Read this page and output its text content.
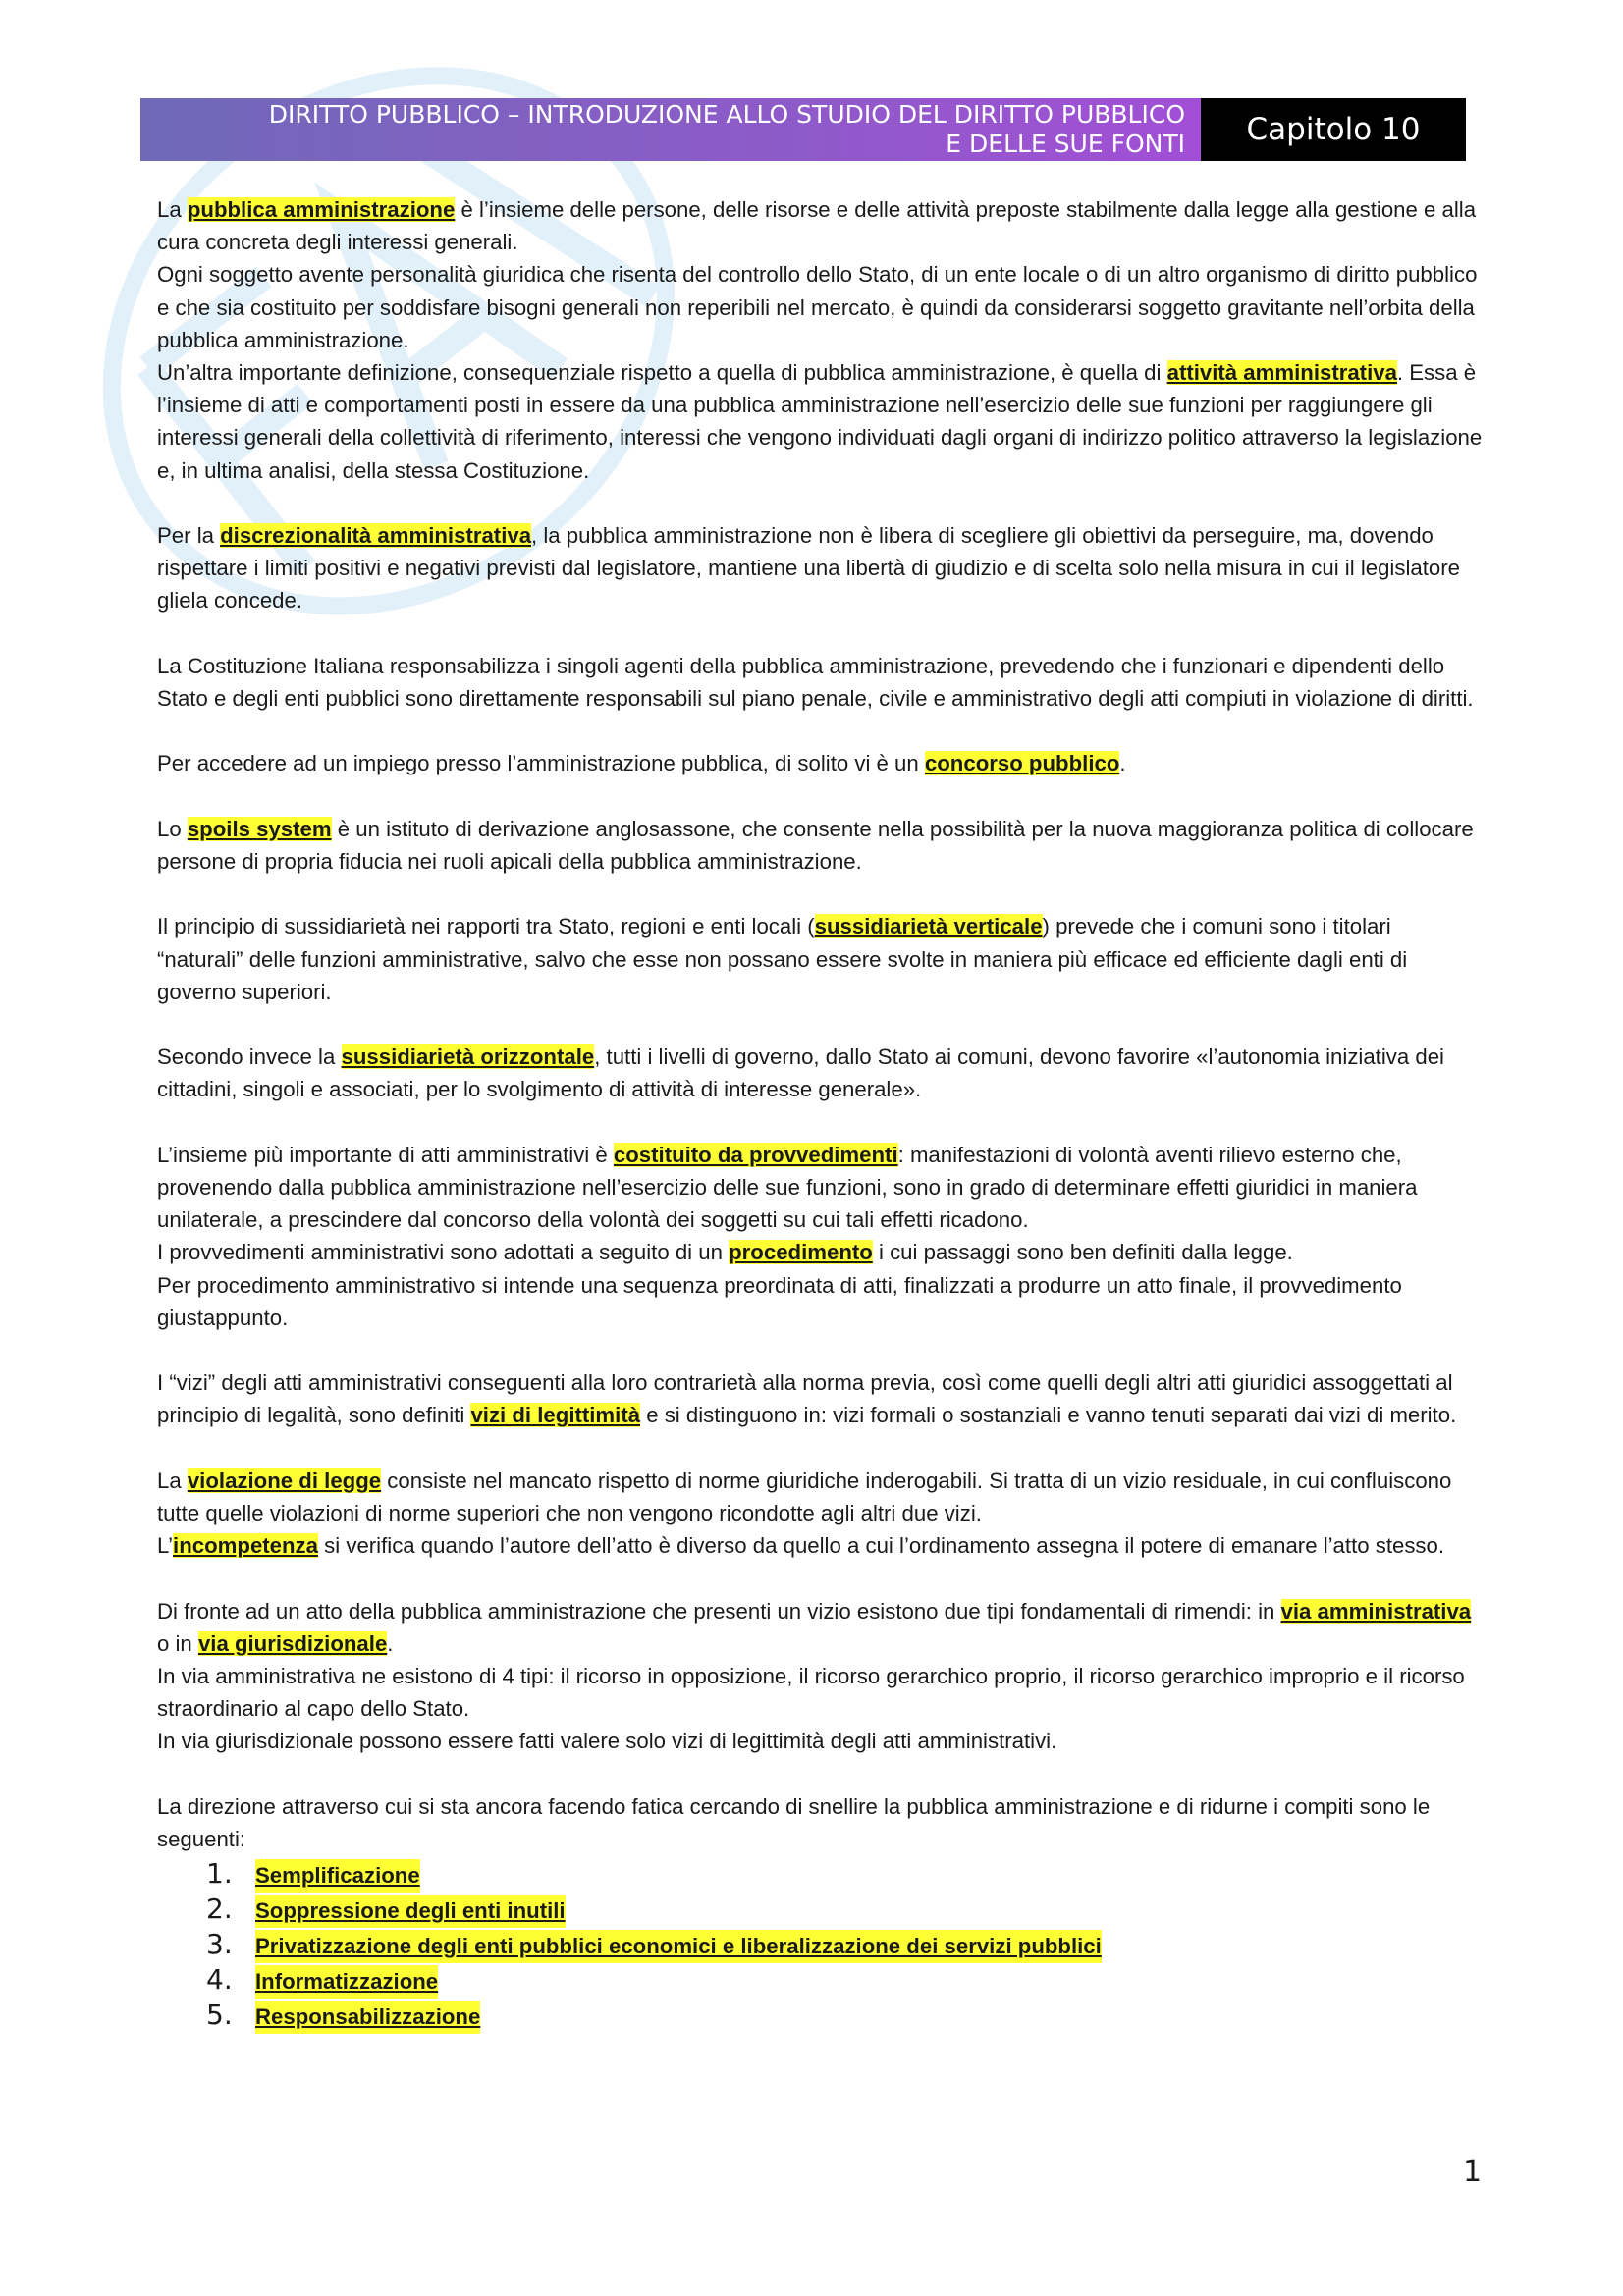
DIRITTO PUBBLICO – INTRODUZIONE ALLO STUDIO DEL DIRITTO PUBBLICO
E DELLE SUE FONTI	Capitolo 10

La pubblica amministrazione è l’insieme delle persone, delle risorse e delle attività preposte stabilmente dalla legge alla gestione e alla cura concreta degli interessi generali.
Ogni soggetto avente personalità giuridica che risenta del controllo dello Stato, di un ente locale o di un altro organismo di diritto pubblico e che sia costituito per soddisfare bisogni generali non reperibili nel mercato, è quindi da considerarsi soggetto gravitante nell’orbita della pubblica amministrazione.
Un’altra importante definizione, consequenziale rispetto a quella di pubblica amministrazione, è quella di attività amministrativa. Essa è l’insieme di atti e comportamenti posti in essere da una pubblica amministrazione nell’esercizio delle sue funzioni per raggiungere gli interessi generali della collettività di riferimento, interessi che vengono individuati dagli organi di indirizzo politico attraverso la legislazione e, in ultima analisi, della stessa Costituzione.

Per la discrezionalità amministrativa, la pubblica amministrazione non è libera di scegliere gli obiettivi da perseguire, ma, dovendo rispettare i limiti positivi e negativi previsti dal legislatore, mantiene una libertà di giudizio e di scelta solo nella misura in cui il legislatore gliela concede.

La Costituzione Italiana responsabilizza i singoli agenti della pubblica amministrazione, prevedendo che i funzionari e dipendenti dello Stato e degli enti pubblici sono direttamente responsabili sul piano penale, civile e amministrativo degli atti compiuti in violazione di diritti.

Per accedere ad un impiego presso l’amministrazione pubblica, di solito vi è un concorso pubblico.

Lo spoils system è un istituto di derivazione anglosassone, che consente nella possibilità per la nuova maggioranza politica di collocare persone di propria fiducia nei ruoli apicali della pubblica amministrazione.

Il principio di sussidiarietà nei rapporti tra Stato, regioni e enti locali (sussidiarietà verticale) prevede che i comuni sono i titolari “naturali” delle funzioni amministrative, salvo che esse non possano essere svolte in maniera più efficace ed efficiente dagli enti di governo superiori.

Secondo invece la sussidiarietà orizzontale, tutti i livelli di governo, dallo Stato ai comuni, devono favorire «l’autonomia iniziativa dei cittadini, singoli e associati, per lo svolgimento di attività di interesse generale».

L’insieme più importante di atti amministrativi è costituito da provvedimenti: manifestazioni di volontà aventi rilievo esterno che, provenendo dalla pubblica amministrazione nell’esercizio delle sue funzioni, sono in grado di determinare effetti giuridici in maniera unilaterale, a prescindere dal concorso della volontà dei soggetti su cui tali effetti ricadono.
I provvedimenti amministrativi sono adottati a seguito di un procedimento i cui passaggi sono ben definiti dalla legge.
Per procedimento amministrativo si intende una sequenza preordinata di atti, finalizzati a produrre un atto finale, il provvedimento giustappunto.

I “vizi” degli atti amministrativi conseguenti alla loro contrarietà alla norma previa, così come quelli degli altri atti giuridici assoggettati al principio di legalità, sono definiti vizi di legittimità e si distinguono in: vizi formali o sostanziali e vanno tenuti separati dai vizi di merito.

La violazione di legge consiste nel mancato rispetto di norme giuridiche inderogabili. Si tratta di un vizio residuale, in cui confluiscono tutte quelle violazioni di norme superiori che non vengono ricondotte agli altri due vizi.
L’incompetenza si verifica quando l’autore dell’atto è diverso da quello a cui l’ordinamento assegna il potere di emanare l’atto stesso.

Di fronte ad un atto della pubblica amministrazione che presenti un vizio esistono due tipi fondamentali di rimendi: in via amministrativa o in via giurisdizionale.
In via amministrativa ne esistono di 4 tipi: il ricorso in opposizione, il ricorso gerarchico proprio, il ricorso gerarchico improprio e il ricorso straordinario al capo dello Stato.
In via giurisdizionale possono essere fatti valere solo vizi di legittimità degli atti amministrativi.

La direzione attraverso cui si sta ancora facendo fatica cercando di snellire la pubblica amministrazione e di ridurne i compiti sono le seguenti:

1.	Semplificazione
2.	Soppressione degli enti inutili
3.	Privatizzazione degli enti pubblici economici e liberalizzazione dei servizi pubblici
4.	Informatizzazione
5.	Responsabilizzazione
1
